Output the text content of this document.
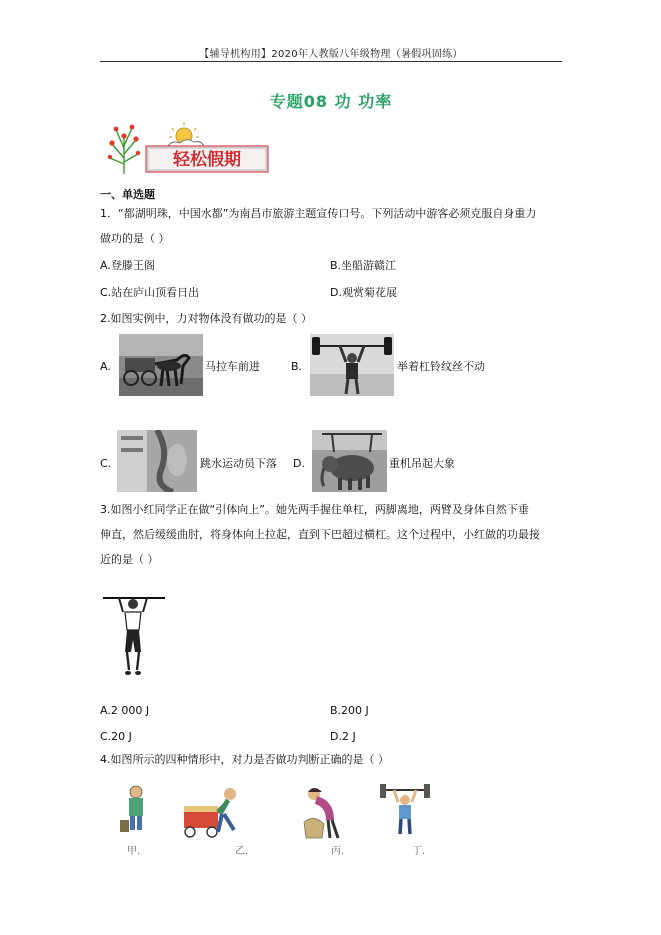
【辅导机构用】2020年人教版八年级物理（暑假巩固练）
专题08 功 功率
轻松假期
一、单选题
1．“都湖明珠，中国水都”为南昌市旅游主题宣传口号。下列活动中游客必须克服自身重力
做功的是（ ）
A.登滕王阁	B.坐船游赣江
C.站在庐山顶看日出	D.观赏菊花展
2.如图实例中，力对物体没有做功的是（ ）
A.	马拉车前进	B.	举着杠铃纹丝不动
C.	跳水运动员下落 D.	重机吊起大象
3.如图小红同学正在做“引体向上”。她先两手握住单杠，两脚离地，两臂及身体自然下垂
伸直，然后缓缓曲肘，将身体向上拉起，直到下巴超过横杠。这个过程中，小红做的功最接
近的是（ ）
A.2 000 J	B.200 J
C.20 J	D.2 J
4.如图所示的四种情形中，对力是否做功判断正确的是（ ）
甲.	乙.	丙.	丁.
